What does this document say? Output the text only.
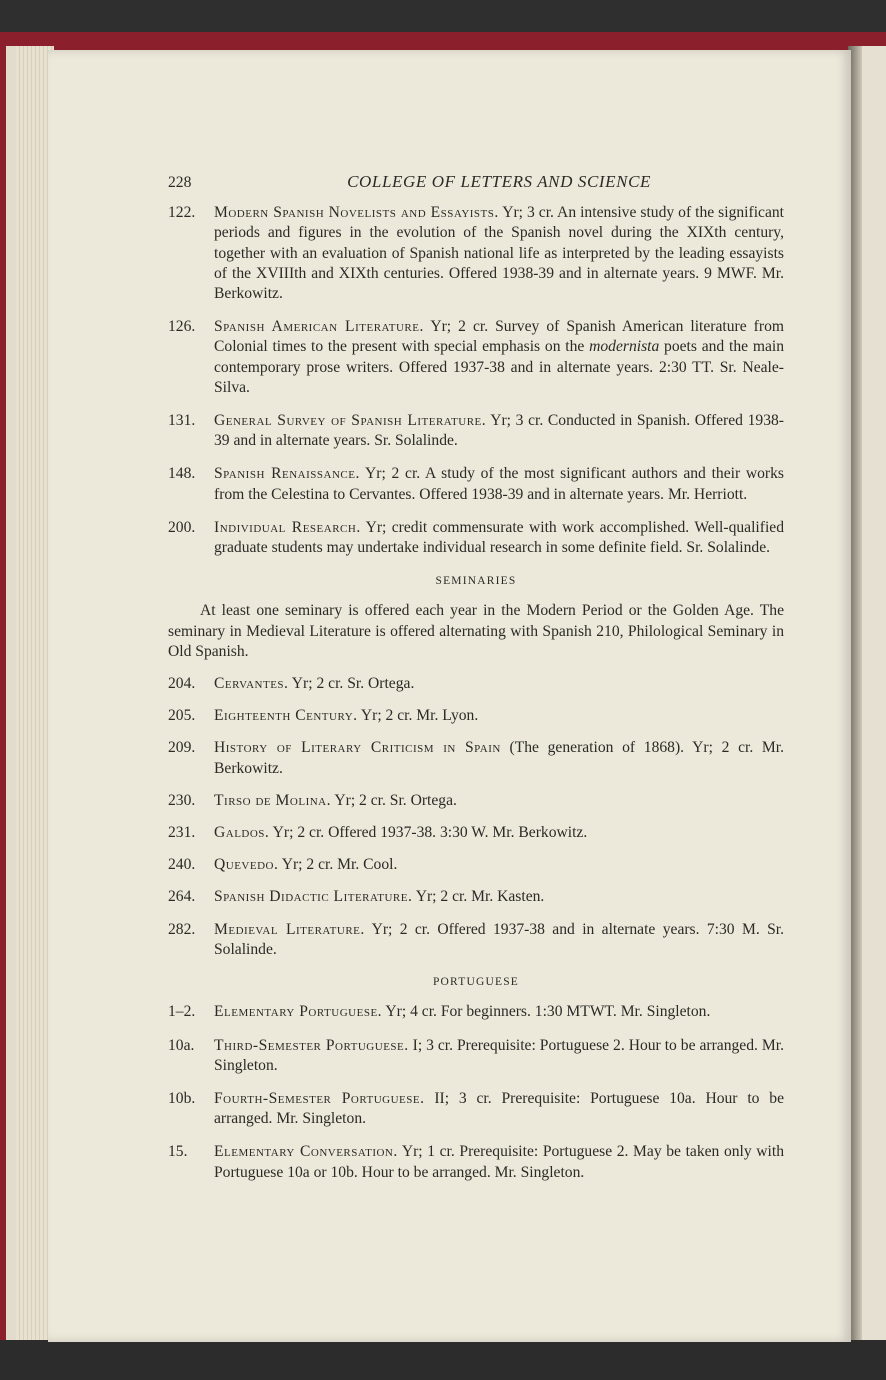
228	COLLEGE OF LETTERS AND SCIENCE
122.	Modern Spanish Novelists and Essayists. Yr; 3 cr. An intensive study of the significant periods and figures in the evolution of the Spanish novel during the XIXth century, together with an evaluation of Spanish national life as interpreted by the leading essayists of the XVIIIth and XIXth centuries. Offered 1938-39 and in alternate years. 9 MWF. Mr. Berkowitz.
126.	Spanish American Literature. Yr; 2 cr. Survey of Spanish American literature from Colonial times to the present with special emphasis on the modernista poets and the main contemporary prose writers. Offered 1937-38 and in alternate years. 2:30 TT. Sr. Neale-Silva.
131.	General Survey of Spanish Literature. Yr; 3 cr. Conducted in Spanish. Offered 1938-39 and in alternate years. Sr. Solalinde.
148.	Spanish Renaissance. Yr; 2 cr. A study of the most significant authors and their works from the Celestina to Cervantes. Offered 1938-39 and in alternate years. Mr. Herriott.
200.	Individual Research. Yr; credit commensurate with work accomplished. Well-qualified graduate students may undertake individual research in some definite field. Sr. Solalinde.
SEMINARIES
At least one seminary is offered each year in the Modern Period or the Golden Age. The seminary in Medieval Literature is offered alternating with Spanish 210, Philological Seminary in Old Spanish.
204.	Cervantes. Yr; 2 cr. Sr. Ortega.
205.	Eighteenth Century. Yr; 2 cr. Mr. Lyon.
209.	History of Literary Criticism in Spain (The generation of 1868). Yr; 2 cr. Mr. Berkowitz.
230.	Tirso de Molina. Yr; 2 cr. Sr. Ortega.
231.	Galdos. Yr; 2 cr. Offered 1937-38. 3:30 W. Mr. Berkowitz.
240.	Quevedo. Yr; 2 cr. Mr. Cool.
264.	Spanish Didactic Literature. Yr; 2 cr. Mr. Kasten.
282.	Medieval Literature. Yr; 2 cr. Offered 1937-38 and in alternate years. 7:30 M. Sr. Solalinde.
PORTUGUESE
1–2.	Elementary Portuguese. Yr; 4 cr. For beginners. 1:30 MTWT. Mr. Singleton.
10a.	Third-Semester Portuguese. I; 3 cr. Prerequisite: Portuguese 2. Hour to be arranged. Mr. Singleton.
10b.	Fourth-Semester Portuguese. II; 3 cr. Prerequisite: Portuguese 10a. Hour to be arranged. Mr. Singleton.
15.	Elementary Conversation. Yr; 1 cr. Prerequisite: Portuguese 2. May be taken only with Portuguese 10a or 10b. Hour to be arranged. Mr. Singleton.
